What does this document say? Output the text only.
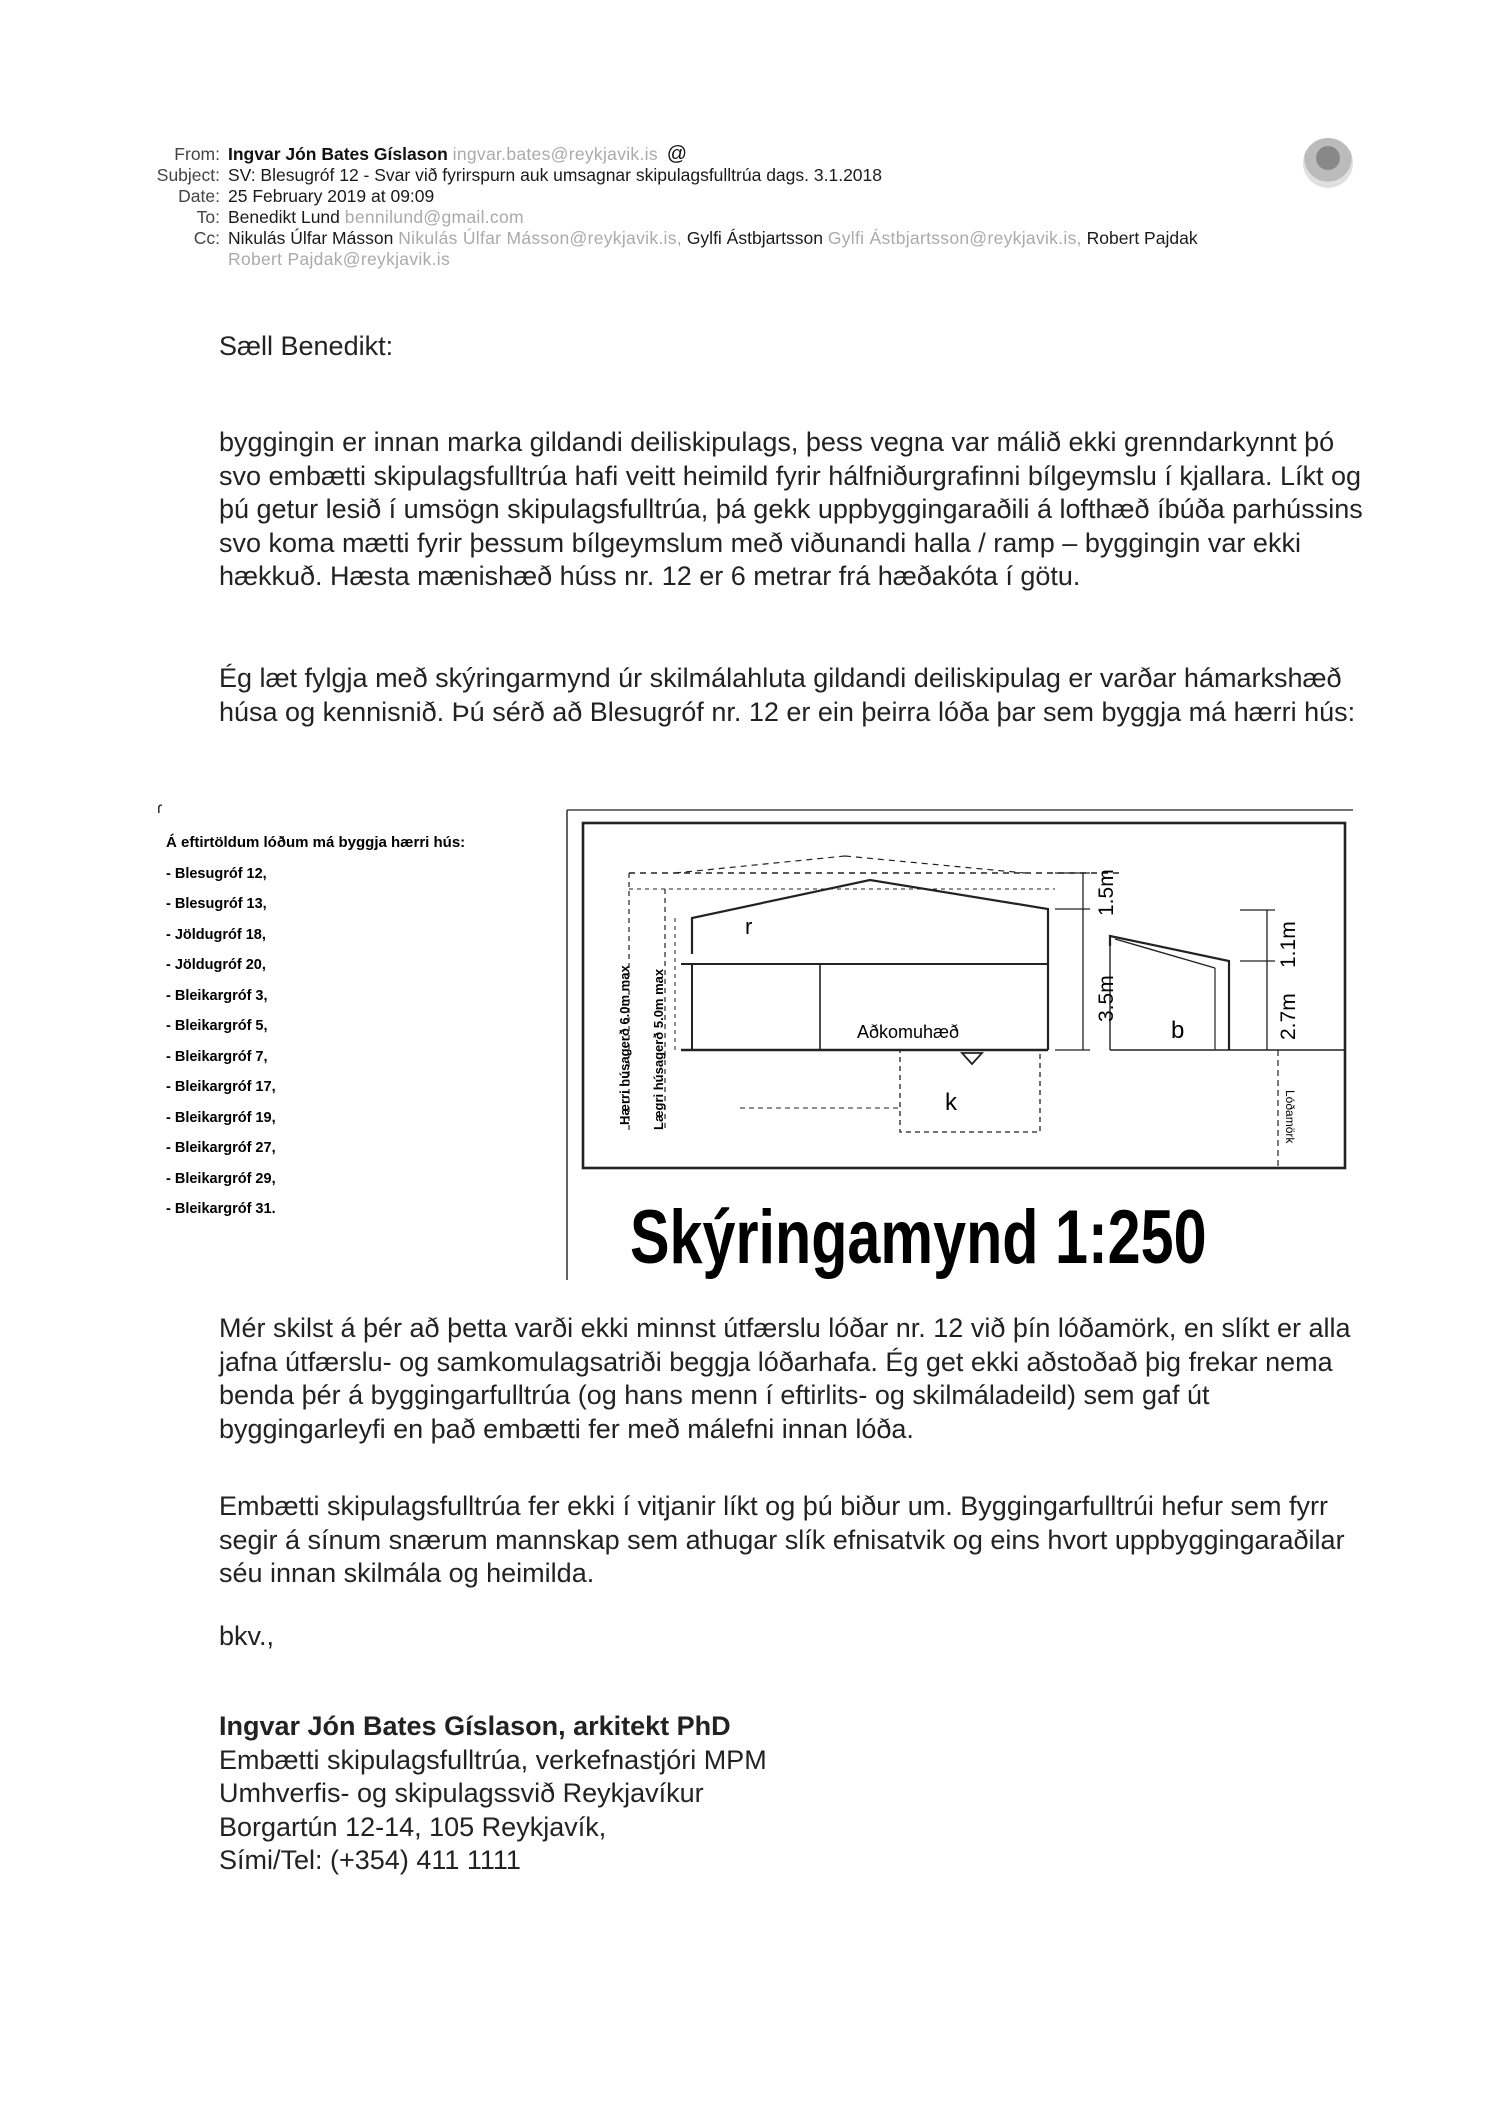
From: Ingvar Jón Bates Gíslason ingvar.bates@reykjavik.is @
Subject: SV: Blesugróf 12 - Svar við fyrirspurn auk umsagnar skipulagsfulltrúa dags. 3.1.2018
Date: 25 February 2019 at 09:09
To: Benedikt Lund bennilund@gmail.com
Cc: Nikulás Úlfar Másson Nikulás Úlfar Másson@reykjavik.is, Gylfi Ástbjartsson Gylfi Ástbjartsson@reykjavik.is, Robert Pajdak
Robert Pajdak@reykjavik.is
Sæll Benedikt:
byggingin er innan marka gildandi deiliskipulags, þess vegna var málið ekki grenndarkynnt þó svo embætti skipulagsfulltrúa hafi veitt heimild fyrir hálfniðurgrafinni bílgeymslu í kjallara. Líkt og þú getur lesið í umsögn skipulagsfulltrúa, þá gekk uppbyggingaraðili á lofthæð íbúða parhússins svo koma mætti fyrir þessum bílgeymslum með viðunandi halla / ramp – byggingin var ekki hækkuð. Hæsta mænishæð húss nr. 12 er 6 metrar frá hæðakóta í götu.
Ég læt fylgja með skýringarmynd úr skilmálahluta gildandi deiliskipulag er varðar hámarkshæð húsa og kennisnið. Þú sérð að Blesugróf nr. 12 er ein þeirra lóða þar sem byggja má hærri hús:
ɾ
Á eftirtöldum lóðum má byggja hærri hús:
- Blesugróf 12,
- Blesugróf 13,
- Jöldugróf 18,
- Jöldugróf 20,
- Bleikargróf 3,
- Bleikargróf 5,
- Bleikargróf 7,
- Bleikargróf 17,
- Bleikargróf 19,
- Bleikargróf 27,
- Bleikargróf 29,
- Bleikargróf 31.
r
b
k
Aðkomuhæð
1.5m
3.5m
1.1m
2.7m
Hærri húsagerð 6.0m max Lægri húsagerð 5.0m max	Lóðamörk
Skýringamynd 1:250
Mér skilst á þér að þetta varði ekki minnst útfærslu lóðar nr. 12 við þín lóðamörk, en slíkt er alla jafna útfærslu- og samkomulagsatriði beggja lóðarhafa. Ég get ekki aðstoðað þig frekar nema benda þér á byggingarfulltrúa (og hans menn í eftirlits- og skilmáladeild) sem gaf út byggingarleyfi en það embætti fer með málefni innan lóða.
Embætti skipulagsfulltrúa fer ekki í vitjanir líkt og þú biður um. Byggingarfulltrúi hefur sem fyrr segir á sínum snærum mannskap sem athugar slík efnisatvik og eins hvort uppbyggingaraðilar séu innan skilmála og heimilda.
bkv.,
Ingvar Jón Bates Gíslason, arkitekt PhD
Embætti skipulagsfulltrúa, verkefnastjóri MPM
Umhverfis- og skipulagssvið Reykjavíkur
Borgartún 12-14, 105 Reykjavík,
Sími/Tel: (+354) 411 1111
